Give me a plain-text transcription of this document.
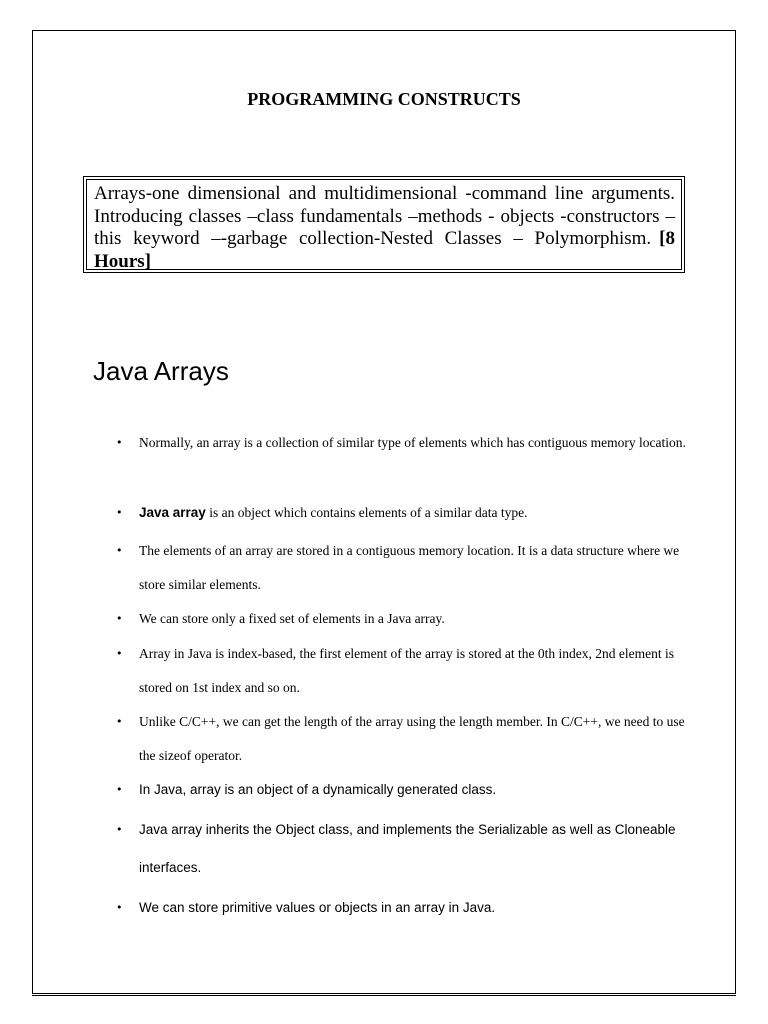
PROGRAMMING CONSTRUCTS
Arrays-one dimensional and multidimensional -command line arguments. Introducing classes –class fundamentals –methods - objects -constructors –this keyword –-garbage collection-Nested Classes – Polymorphism. [8 Hours]
Java Arrays
• Normally, an array is a collection of similar type of elements which has contiguous memory location.
• Java array is an object which contains elements of a similar data type.
• The elements of an array are stored in a contiguous memory location. It is a data structure where we store similar elements.
• We can store only a fixed set of elements in a Java array.
• Array in Java is index-based, the first element of the array is stored at the 0th index, 2nd element is stored on 1st index and so on.
• Unlike C/C++, we can get the length of the array using the length member. In C/C++, we need to use the sizeof operator.
• In Java, array is an object of a dynamically generated class.
• Java array inherits the Object class, and implements the Serializable as well as Cloneable interfaces.
• We can store primitive values or objects in an array in Java.
